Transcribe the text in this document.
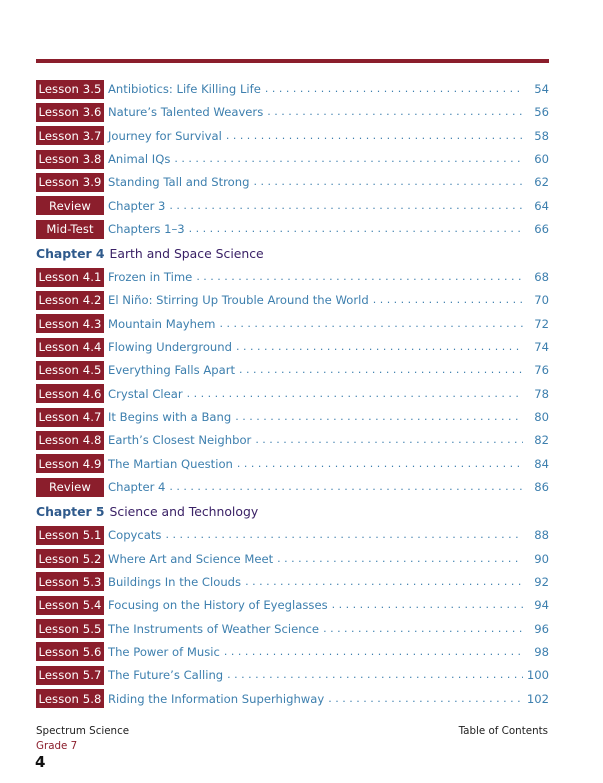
Lesson 3.5 Antibiotics: Life Killing Life . . .	54
Lesson 3.6 Nature’s Talented Weavers . . .	56
Lesson 3.7 Journey for Survival . . .	58
Lesson 3.8 Animal IQs . . .	60
Lesson 3.9 Standing Tall and Strong . . .	62
Review	Chapter 3 . . .	64
Mid-Test	Chapters 1–3 . . .	66
Chapter 4 Earth and Space Science
Lesson 4.1 Frozen in Time . . .	68
Lesson 4.2 El Niño: Stirring Up Trouble Around the World . . .	70
Lesson 4.3 Mountain Mayhem . . .	72
Lesson 4.4 Flowing Underground . . .	74
Lesson 4.5 Everything Falls Apart . . .	76
Lesson 4.6 Crystal Clear . . .	78
Lesson 4.7 It Begins with a Bang . . .	80
Lesson 4.8 Earth’s Closest Neighbor . . .	82
Lesson 4.9 The Martian Question . . .	84
Review	Chapter 4 . . .	86
Chapter 5 Science and Technology
Lesson 5.1 Copycats . . .	88
Lesson 5.2 Where Art and Science Meet . . .	90
Lesson 5.3 Buildings In the Clouds . . .	92
Lesson 5.4 Focusing on the History of Eyeglasses . . .	94
Lesson 5.5 The Instruments of Weather Science . . .	96
Lesson 5.6 The Power of Music . . .	98
Lesson 5.7 The Future’s Calling . . .	100
Lesson 5.8 Riding the Information Superhighway . . .	102
Spectrum Science
Grade 7
Table of Contents
4
